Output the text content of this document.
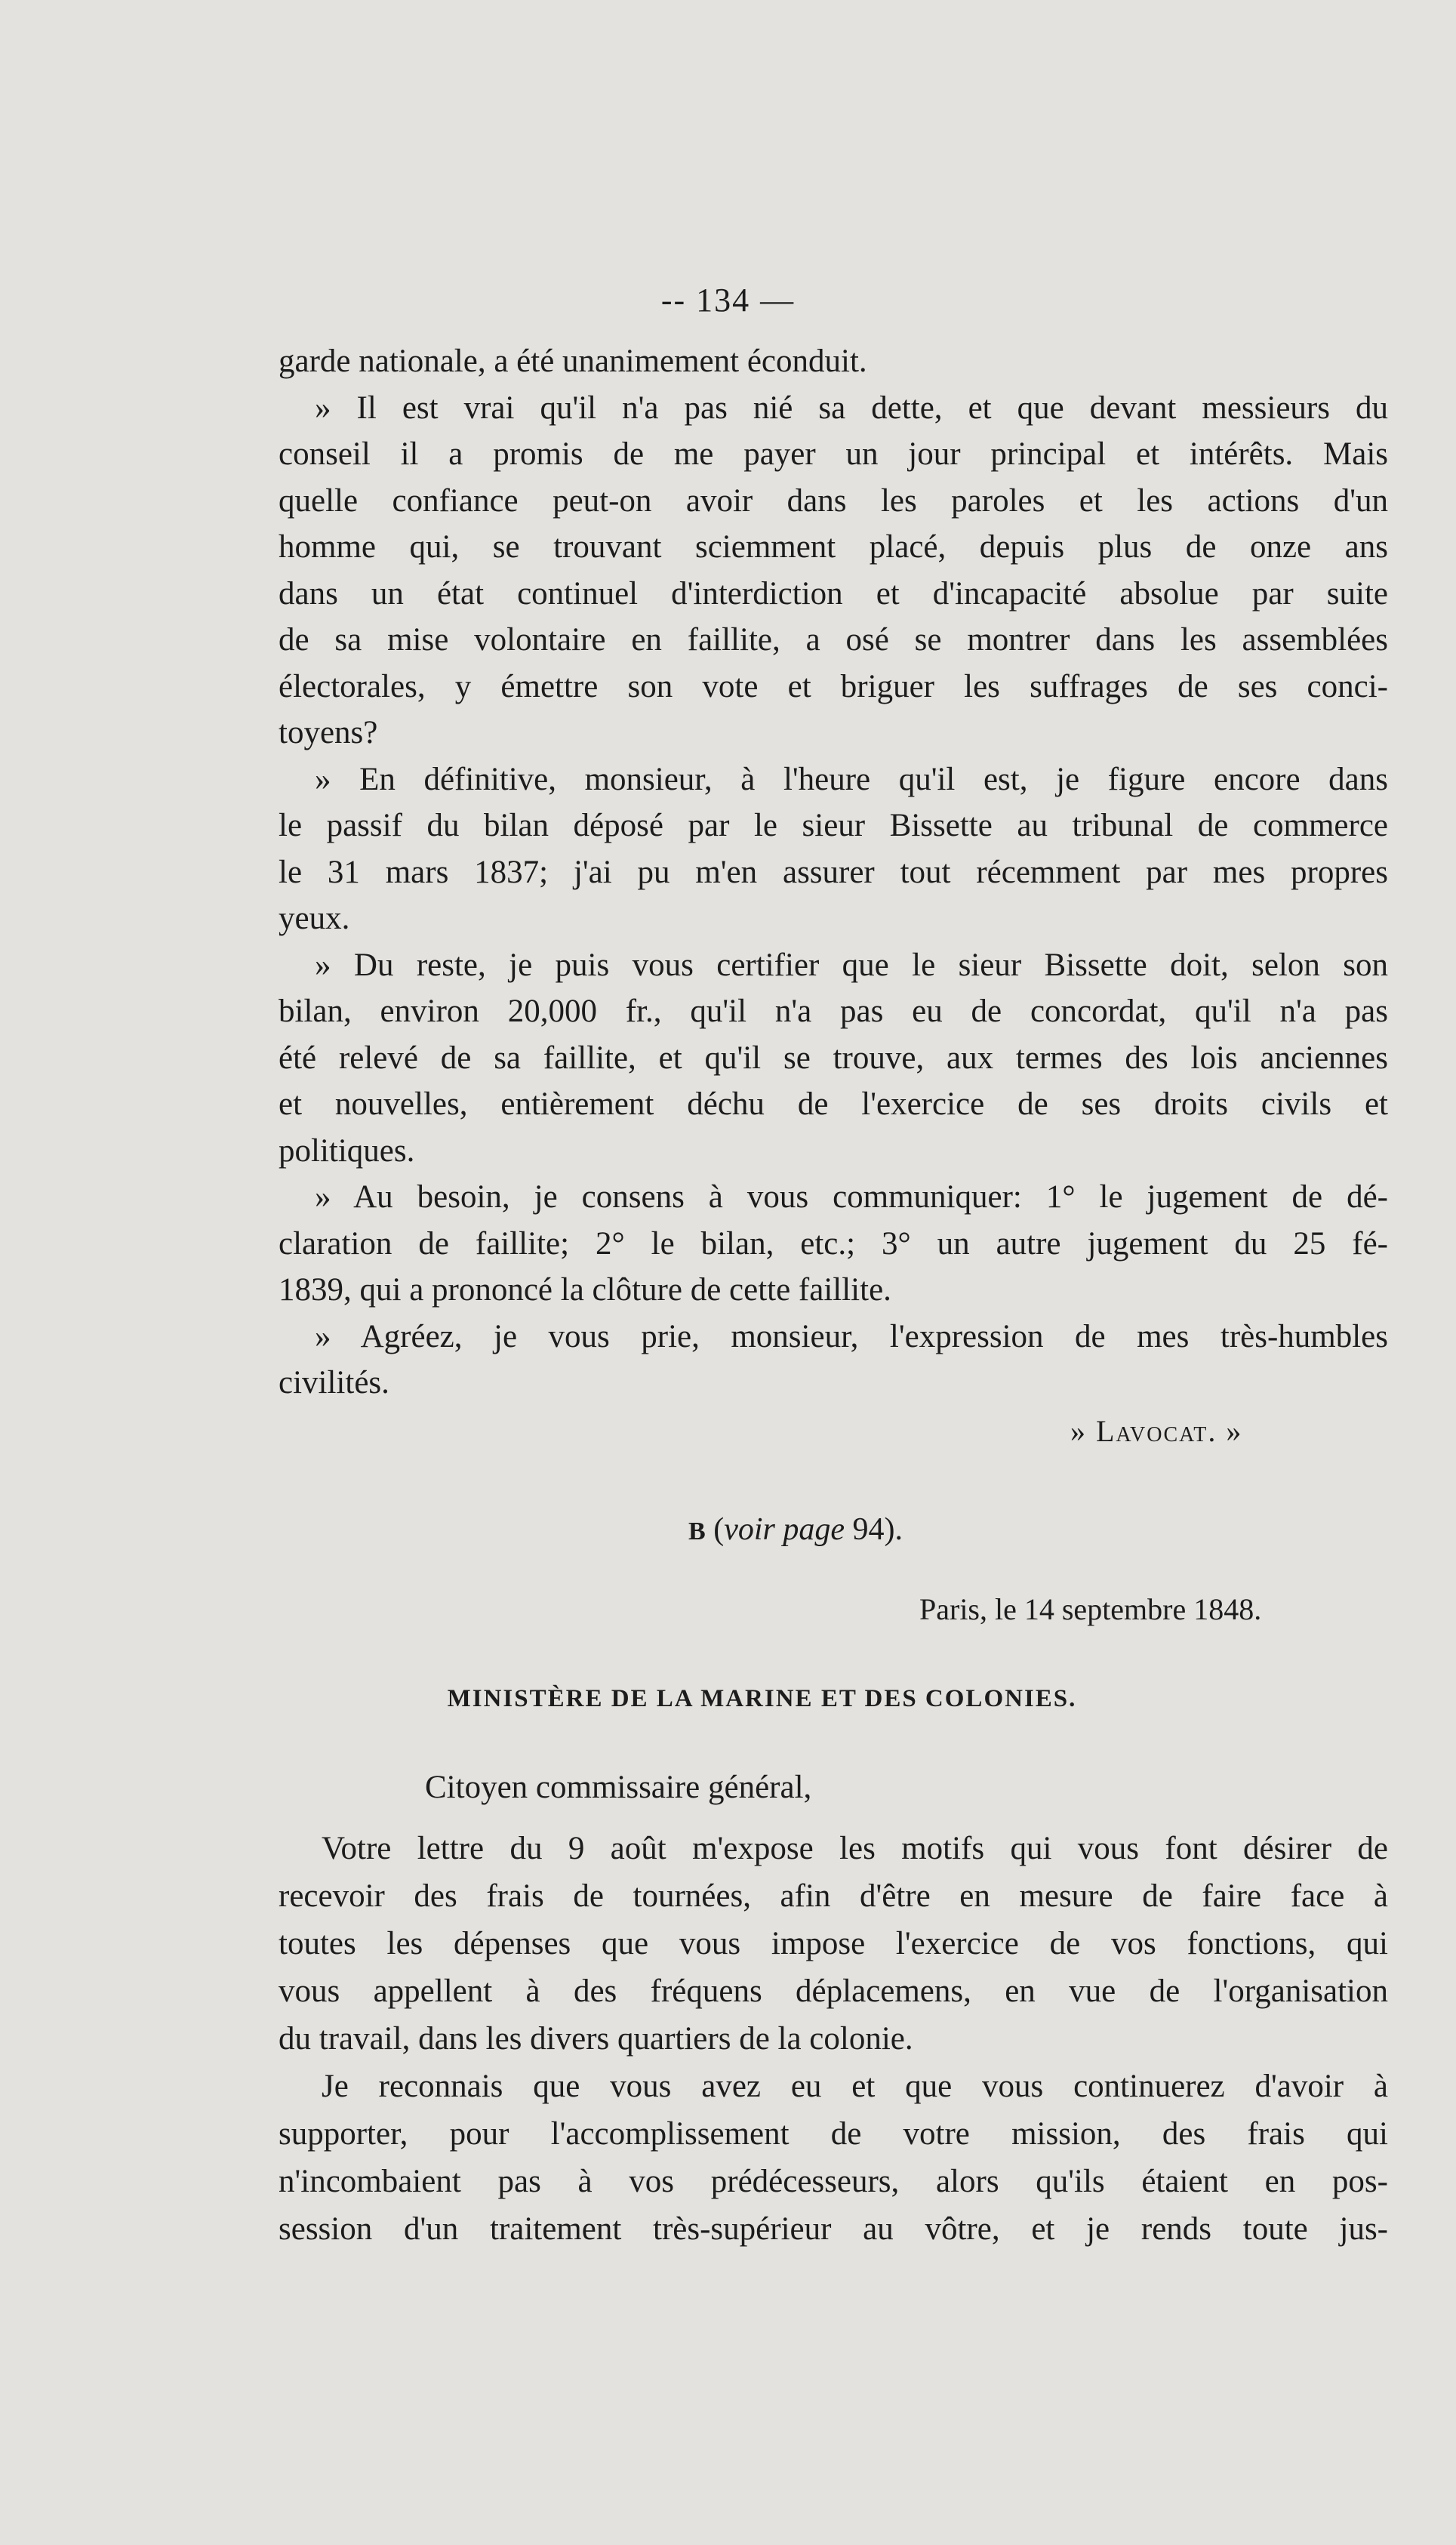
-- 134 —
garde nationale, a été unanimement éconduit.
» Il est vrai qu'il n'a pas nié sa dette, et que devant messieurs du
conseil il a promis de me payer un jour principal et intérêts. Mais
quelle confiance peut-on avoir dans les paroles et les actions d'un
homme qui, se trouvant sciemment placé, depuis plus de onze ans
dans un état continuel d'interdiction et d'incapacité absolue par suite
de sa mise volontaire en faillite, a osé se montrer dans les assemblées
électorales, y émettre son vote et briguer les suffrages de ses conci-
toyens?
» En définitive, monsieur, à l'heure qu'il est, je figure encore dans
le passif du bilan déposé par le sieur Bissette au tribunal de commerce
le 31 mars 1837; j'ai pu m'en assurer tout récemment par mes propres
yeux.
» Du reste, je puis vous certifier que le sieur Bissette doit, selon son
bilan, environ 20,000 fr., qu'il n'a pas eu de concordat, qu'il n'a pas
été relevé de sa faillite, et qu'il se trouve, aux termes des lois anciennes
et nouvelles, entièrement déchu de l'exercice de ses droits civils et
politiques.
» Au besoin, je consens à vous communiquer: 1° le jugement de dé-
claration de faillite; 2° le bilan, etc.; 3° un autre jugement du 25 fé-
1839, qui a prononcé la clôture de cette faillite.
» Agréez, je vous prie, monsieur, l'expression de mes très-humbles
civilités.
» Lavocat. »
B (voir page 94).
Paris, le 14 septembre 1848.
MINISTÈRE DE LA MARINE ET DES COLONIES.
Citoyen commissaire général,
Votre lettre du 9 août m'expose les motifs qui vous font désirer de
recevoir des frais de tournées, afin d'être en mesure de faire face à
toutes les dépenses que vous impose l'exercice de vos fonctions, qui
vous appellent à des fréquens déplacemens, en vue de l'organisation
du travail, dans les divers quartiers de la colonie.
Je reconnais que vous avez eu et que vous continuerez d'avoir à
supporter, pour l'accomplissement de votre mission, des frais qui
n'incombaient pas à vos prédécesseurs, alors qu'ils étaient en pos-
session d'un traitement très-supérieur au vôtre, et je rends toute jus-
